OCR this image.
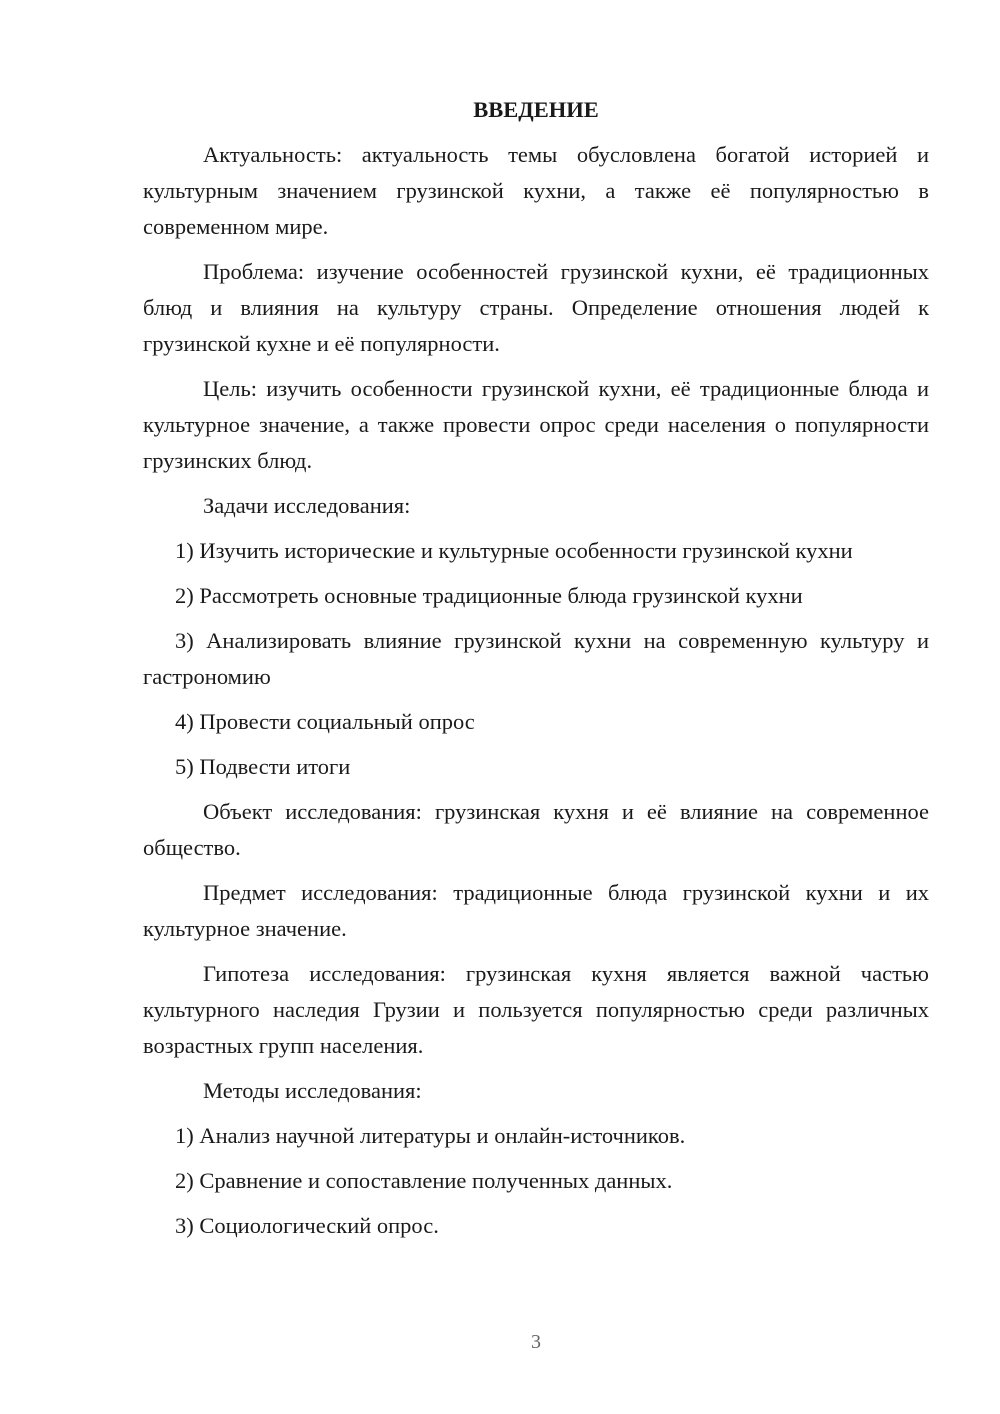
ВВЕДЕНИЕ

Актуальность: актуальность темы обусловлена богатой историей и культурным значением грузинской кухни, а также её популярностью в современном мире.

Проблема: изучение особенностей грузинской кухни, её традиционных блюд и влияния на культуру страны. Определение отношения людей к грузинской кухне и её популярности.

Цель: изучить особенности грузинской кухни, её традиционные блюда и культурное значение, а также провести опрос среди населения о популярности грузинских блюд.

Задачи исследования:

1) Изучить исторические и культурные особенности грузинской кухни

2) Рассмотреть основные традиционные блюда грузинской кухни

3) Анализировать влияние грузинской кухни на современную культуру и гастрономию

4) Провести социальный опрос

5) Подвести итоги

Объект исследования: грузинская кухня и её влияние на современное общество.

Предмет исследования: традиционные блюда грузинской кухни и их культурное значение.

Гипотеза исследования: грузинская кухня является важной частью культурного наследия Грузии и пользуется популярностью среди различных возрастных групп населения.

Методы исследования:

1) Анализ научной литературы и онлайн-источников.

2) Сравнение и сопоставление полученных данных.

3) Социологический опрос.

3
